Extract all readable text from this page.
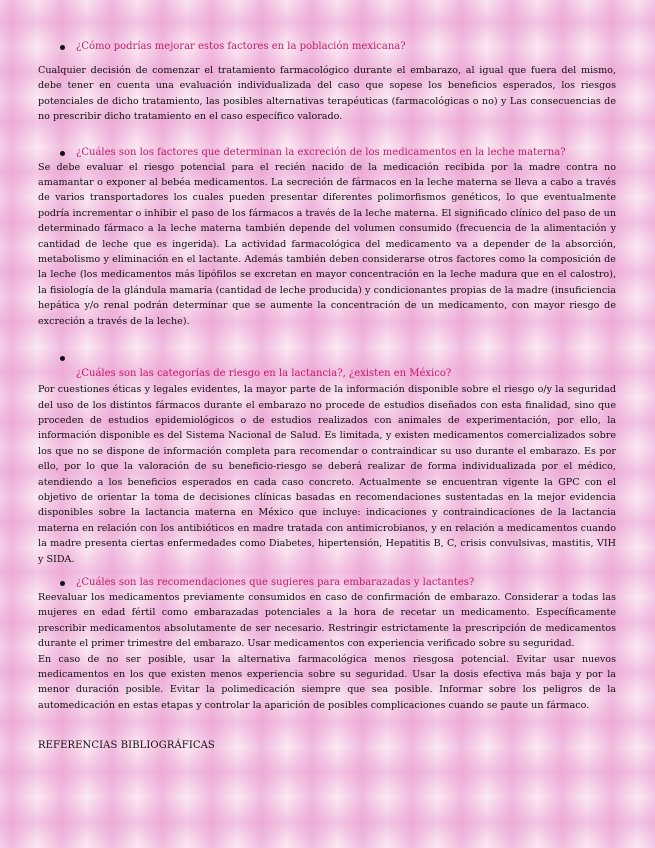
¿Cómo podrías mejorar estos factores en la población mexicana?

Cualquier decisión de comenzar el tratamiento farmacológico durante el embarazo, al igual que fuera del mismo, debe tener en cuenta una evaluación individualizada del caso que sopese los beneficios esperados, los riesgos potenciales de dicho tratamiento, las posibles alternativas terapéuticas (farmacológicas o no) y Las consecuencias de no prescribir dicho tratamiento en el caso específico valorado.

¿Cuáles son los factores que determinan la excreción de los medicamentos en la leche materna?

Se debe evaluar el riesgo potencial para el recién nacido de la medicación recibida por la madre contra no amamantar o exponer al bebéa medicamentos. La secreción de fármacos en la leche materna se lleva a cabo a través de varios transportadores los cuales pueden presentar diferentes polimorfismos genéticos, lo que eventualmente podría incrementar o inhibir el paso de los fármacos a través de la leche materna. El significado clínico del paso de un determinado fármaco a la leche materna también depende del volumen consumido (frecuencia de la alimentación y cantidad de leche que es ingerida). La actividad farmacológica del medicamento va a depender de la absorción, metabolismo y eliminación en el lactante. Además también deben considerarse otros factores como la composición de la leche (los medicamentos más lipófilos se excretan en mayor concentración en la leche madura que en el calostro), la fisiología de la glándula mamaria (cantidad de leche producida) y condicionantes propias de la madre (insuficiencia hepática y/o renal podrán determinar que se aumente la concentración de un medicamento, con mayor riesgo de excreción a través de la leche).

¿Cuáles son las categorías de riesgo en la lactancia?, ¿existen en México?

Por cuestiones éticas y legales evidentes, la mayor parte de la información disponible sobre el riesgo o/y la seguridad del uso de los distintos fármacos durante el embarazo no procede de estudios diseñados con esta finalidad, sino que proceden de estudios epidemiológicos o de estudios realizados con animales de experimentación, por ello, la información disponible es del Sistema Nacional de Salud. Es limitada, y existen medicamentos comercializados sobre los que no se dispone de información completa para recomendar o contraindicar su uso durante el embarazo. Es por ello, por lo que la valoración de su beneficio-riesgo se deberá realizar de forma individualizada por el médico, atendiendo a los beneficios esperados en cada caso concreto. Actualmente se encuentran vigente la GPC con el objetivo de orientar la toma de decisiones clínicas basadas en recomendaciones sustentadas en la mejor evidencia disponibles sobre la lactancia materna en México que incluye: indicaciones y contraindicaciones de la lactancia materna en relación con los antibióticos en madre tratada con antimicrobianos, y en relación a medicamentos cuando la madre presenta ciertas enfermedades como Diabetes, hipertensión, Hepatitis B, C, crisis convulsivas, mastitis, VIH y SIDA.

¿Cuáles son las recomendaciones que sugieres para embarazadas y lactantes?

Reevaluar los medicamentos previamente consumidos en caso de confirmación de embarazo. Considerar a todas las mujeres en edad fértil como embarazadas potenciales a la hora de recetar un medicamento. Específicamente prescribir medicamentos absolutamente de ser necesario. Restringir estrictamente la prescripción de medicamentos durante el primer trimestre del embarazo. Usar medicamentos con experiencia verificado sobre su seguridad.

En caso de no ser posible, usar la alternativa farmacológica menos riesgosa potencial. Evitar usar nuevos medicamentos en los que existen menos experiencia sobre su seguridad. Usar la dosis efectiva más baja y por la menor duración posible. Evitar la polimedicación siempre que sea posible. Informar sobre los peligros de la automedicación en estas etapas y controlar la aparición de posibles complicaciones cuando se paute un fármaco.

REFERENCIAS BIBLIOGRÁFICAS
